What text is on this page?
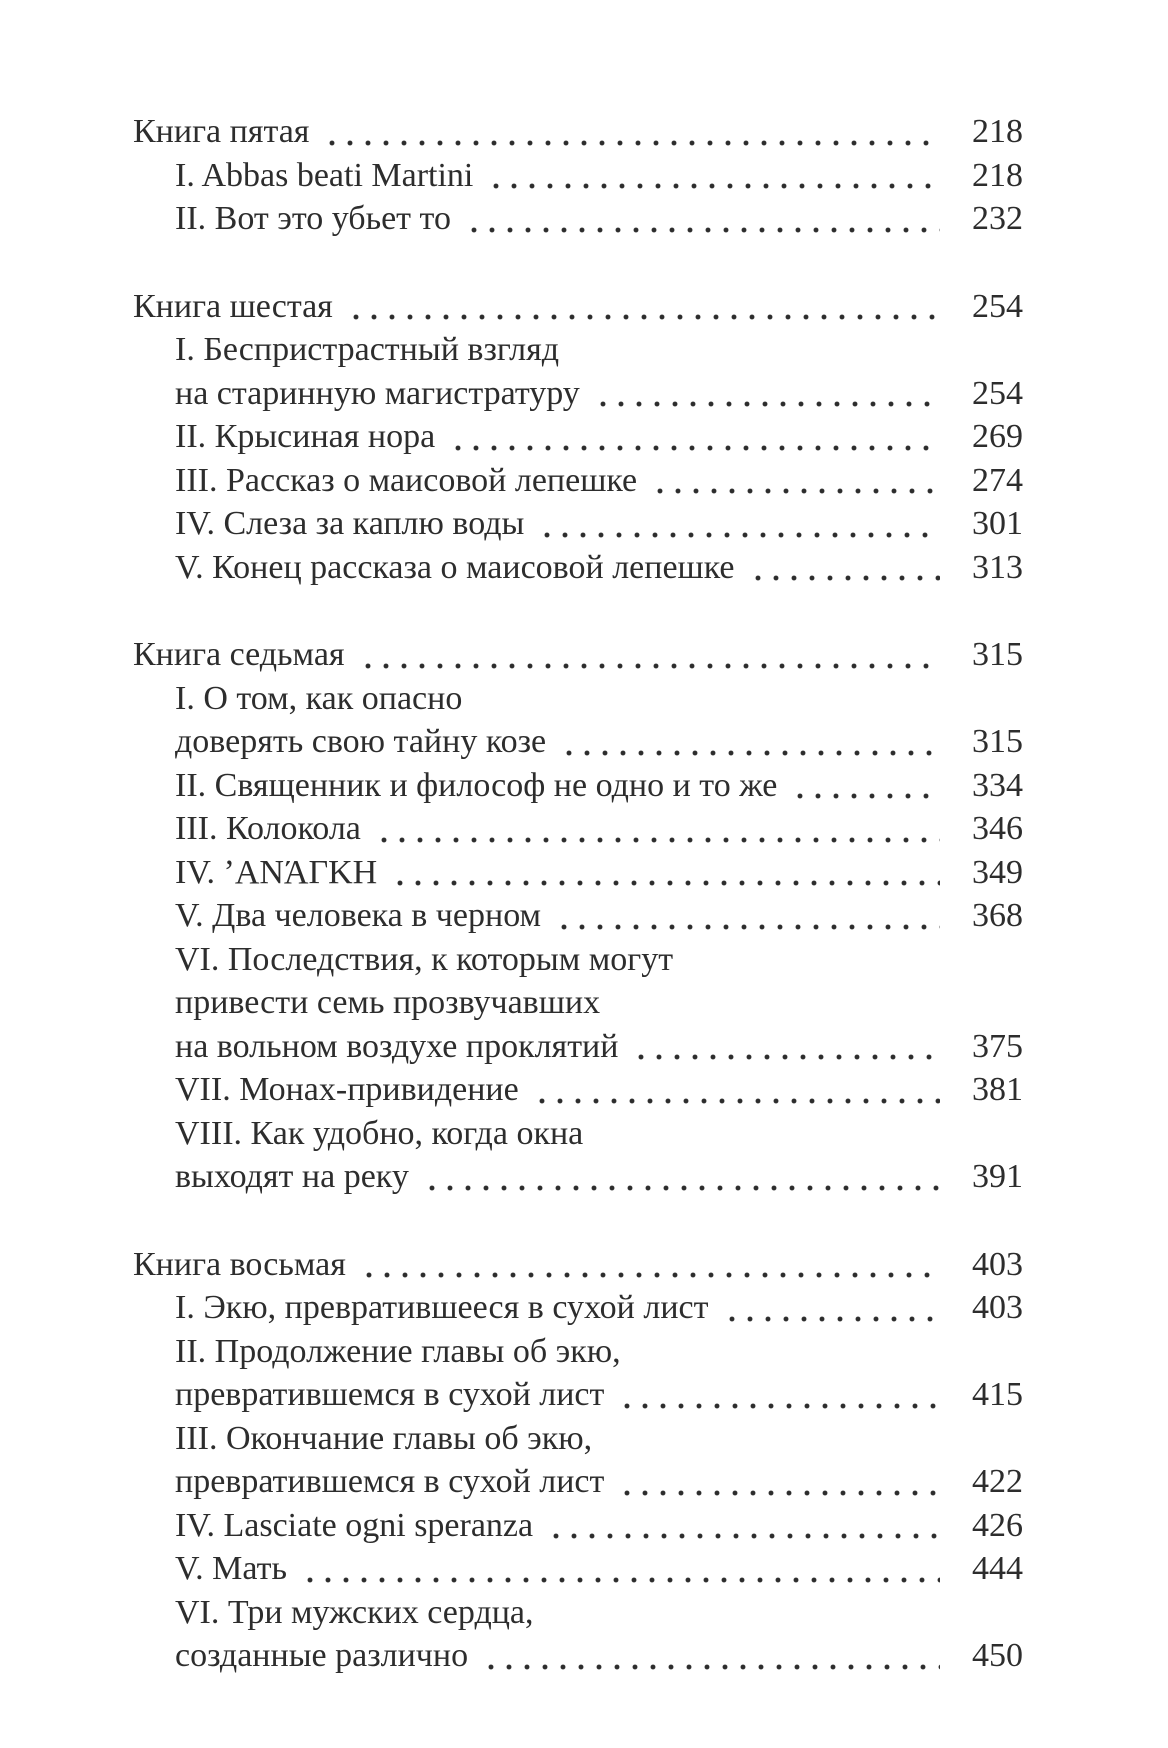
Книга пятая	218
I. Abbas beati Martini	218
II. Вот это убьет то	232
Книга шестая	254
I. Беспристрастный взгляд
на старинную магистратуру	254
II. Крысиная нора	269
III. Рассказ о маисовой лепешке	274
IV. Слеза за каплю воды	301
V. Конец рассказа о маисовой лепешке	313
Книга седьмая	315
I. О том, как опасно
доверять свою тайну козе	315
II. Священник и философ не одно и то же	334
III. Колокола	346
IV. ʼΑΝΆΓΚΗ	349
V. Два человека в черном	368
VI. Последствия, к которым могут
привести семь прозвучавших
на вольном воздухе проклятий	375
VII. Монах-привидение	381
VIII. Как удобно, когда окна
выходят на реку	391
Книга восьмая	403
I. Экю, превратившееся в сухой лист	403
II. Продолжение главы об экю,
превратившемся в сухой лист	415
III. Окончание главы об экю,
превратившемся в сухой лист	422
IV. Lasciate ogni speranza	426
V. Мать	444
VI. Три мужских сердца,
созданные различно	450
